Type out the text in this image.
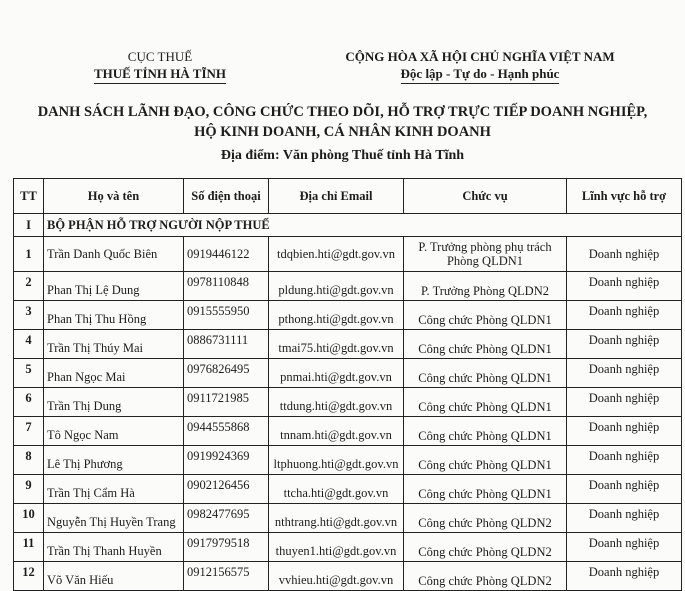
CỤC THUẾ
THUẾ TỈNH HÀ TĨNH
CỘNG HÒA XÃ HỘI CHỦ NGHĨA VIỆT NAM
Độc lập - Tự do - Hạnh phúc
DANH SÁCH LÃNH ĐẠO, CÔNG CHỨC THEO DÕI, HỖ TRỢ TRỰC TIẾP DOANH NGHIỆP,
HỘ KINH DOANH, CÁ NHÂN KINH DOANH
Địa điểm: Văn phòng Thuế tỉnh Hà Tĩnh
TT	Họ và tên	Số điện thoại	Địa chỉ Email	Chức vụ	Lĩnh vực hỗ trợ
I	BỘ PHẬN HỖ TRỢ NGƯỜI NỘP THUẾ				
1	Trần Danh Quốc Biên	0919446122	tdqbien.hti@gdt.gov.vn	P. Trưởng phòng phụ trách Phòng QLDN1	Doanh nghiệp
2	Phan Thị Lệ Dung	0978110848	pldung.hti@gdt.gov.vn	P. Trưởng Phòng QLDN2	Doanh nghiệp
3	Phan Thị Thu Hồng	0915555950	pthong.hti@gdt.gov.vn	Công chức Phòng QLDN1	Doanh nghiệp
4	Trần Thị Thúy Mai	0886731111	tmai75.hti@gdt.gov.vn	Công chức Phòng QLDN1	Doanh nghiệp
5	Phan Ngọc Mai	0976826495	pnmai.hti@gdt.gov.vn	Công chức Phòng QLDN1	Doanh nghiệp
6	Trần Thị Dung	0911721985	ttdung.hti@gdt.gov.vn	Công chức Phòng QLDN1	Doanh nghiệp
7	Tô Ngọc Nam	0944555868	tnnam.hti@gdt.gov.vn	Công chức Phòng QLDN1	Doanh nghiệp
8	Lê Thị Phương	0919924369	ltphuong.hti@gdt.gov.vn	Công chức Phòng QLDN1	Doanh nghiệp
9	Trần Thị Cẩm Hà	0902126456	ttcha.hti@gdt.gov.vn	Công chức Phòng QLDN1	Doanh nghiệp
10	Nguyễn Thị Huyền Trang	0982477695	nthtrang.hti@gdt.gov.vn	Công chức Phòng QLDN2	Doanh nghiệp
11	Trần Thị Thanh Huyền	0917979518	thuyen1.hti@gdt.gov.vn	Công chức Phòng QLDN2	Doanh nghiệp
12	Võ Văn Hiếu	0912156575	vvhieu.hti@gdt.gov.vn	Công chức Phòng QLDN2	Doanh nghiệp
